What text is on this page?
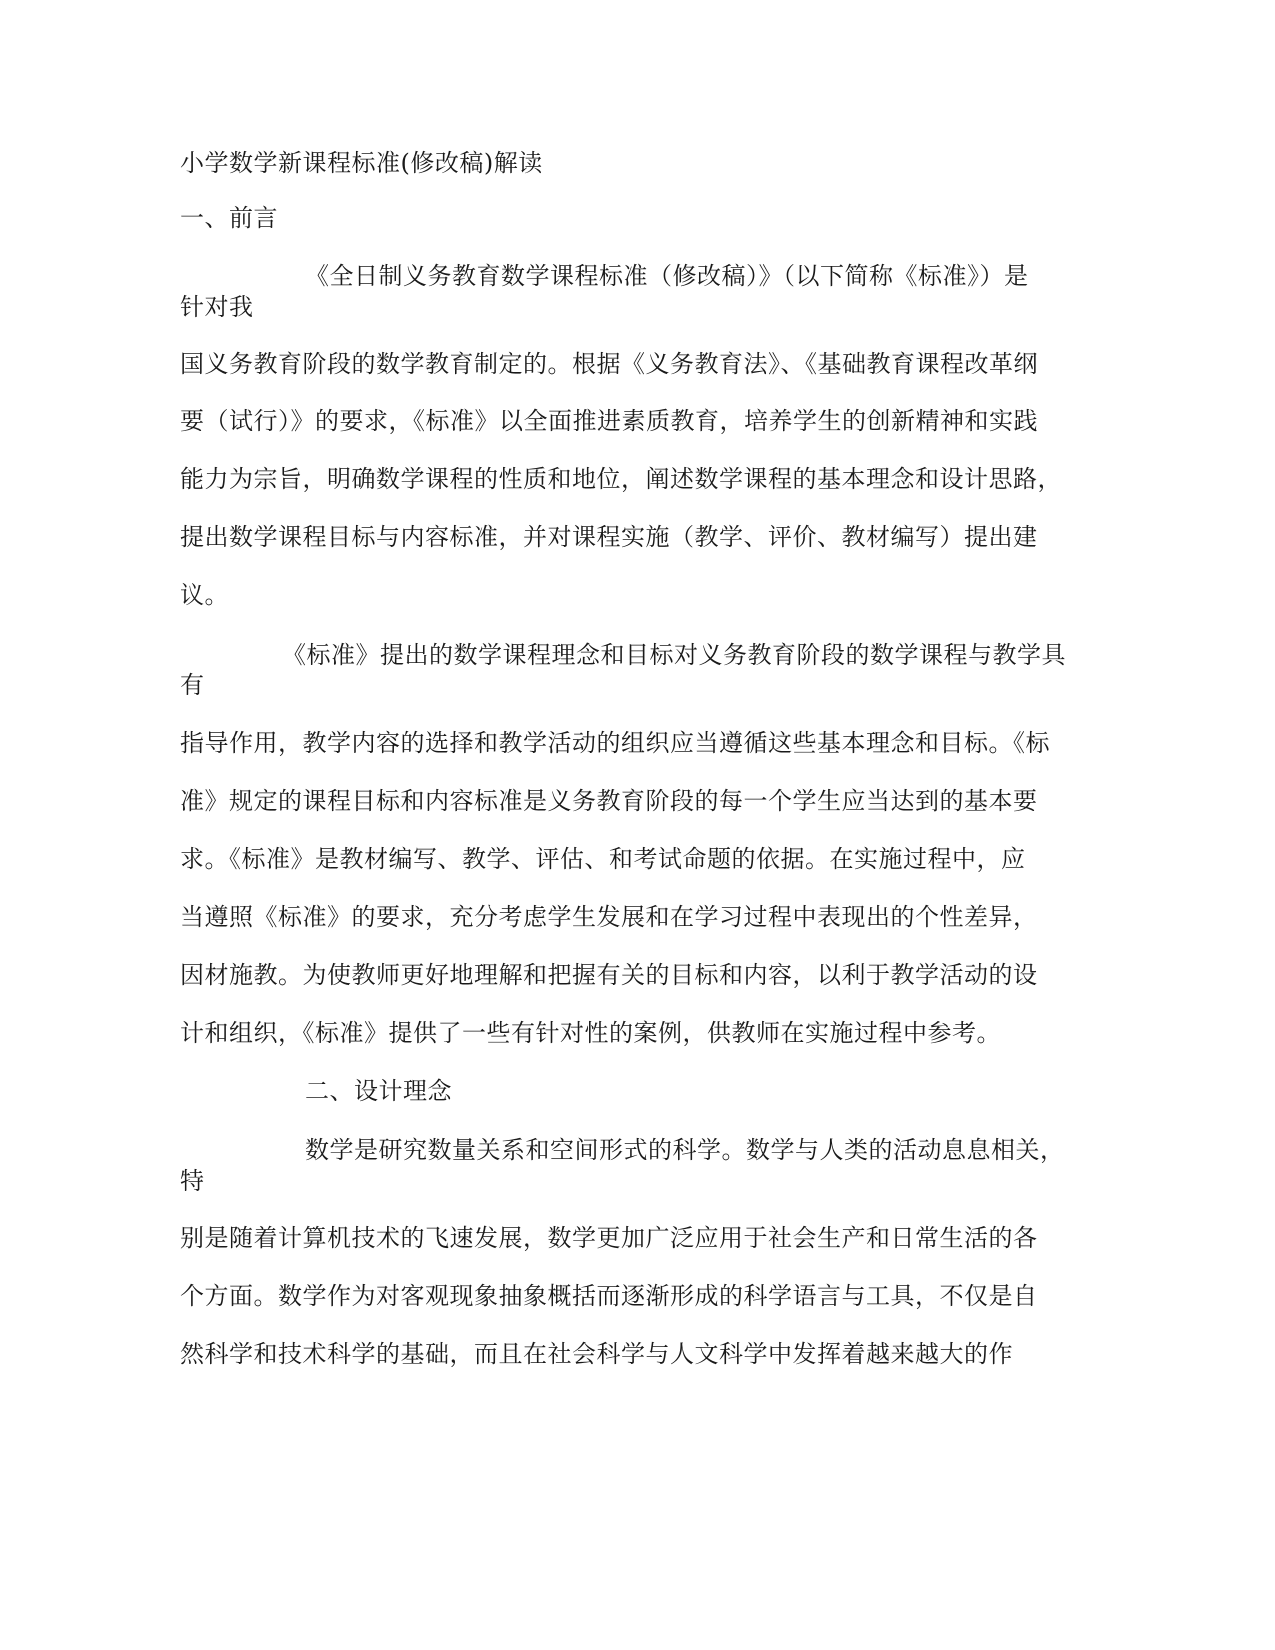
小学数学新课程标准(修改稿)解读
一、前言
《全日制义务教育数学课程标准（修改稿）》（以下简称《标准》）是
针对我
国义务教育阶段的数学教育制定的。根据《义务教育法》、《基础教育课程改革纲
要（试行）》的要求，《标准》以全面推进素质教育，培养学生的创新精神和实践
能力为宗旨，明确数学课程的性质和地位，阐述数学课程的基本理念和设计思路，
提出数学课程目标与内容标准，并对课程实施（教学、评价、教材编写）提出建
议。
《标准》提出的数学课程理念和目标对义务教育阶段的数学课程与教学具
有
指导作用，教学内容的选择和教学活动的组织应当遵循这些基本理念和目标。《标
准》规定的课程目标和内容标准是义务教育阶段的每一个学生应当达到的基本要
求。《标准》是教材编写、教学、评估、和考试命题的依据。在实施过程中，应
当遵照《标准》的要求，充分考虑学生发展和在学习过程中表现出的个性差异，
因材施教。为使教师更好地理解和把握有关的目标和内容，以利于教学活动的设
计和组织，《标准》提供了一些有针对性的案例，供教师在实施过程中参考。
二、设计理念
数学是研究数量关系和空间形式的科学。数学与人类的活动息息相关，
特
别是随着计算机技术的飞速发展，数学更加广泛应用于社会生产和日常生活的各
个方面。数学作为对客观现象抽象概括而逐渐形成的科学语言与工具，不仅是自
然科学和技术科学的基础，而且在社会科学与人文科学中发挥着越来越大的作
